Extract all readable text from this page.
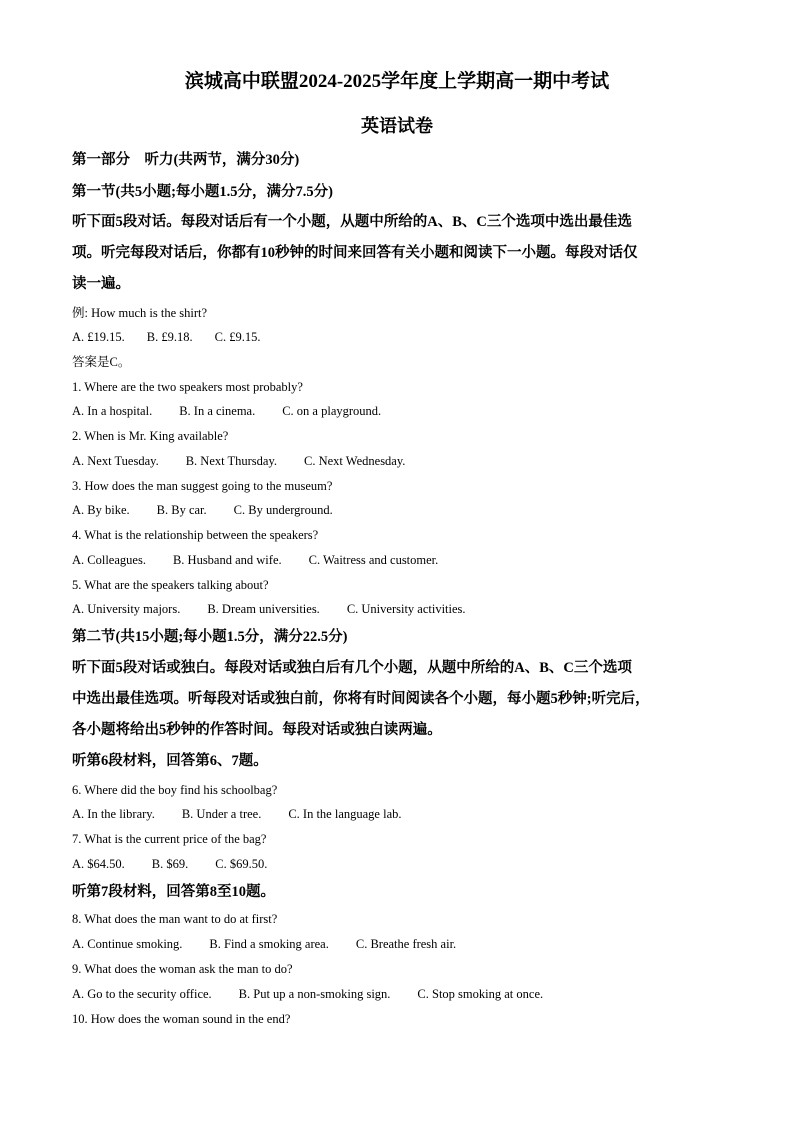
滨城高中联盟2024-2025学年度上学期高一期中考试
英语试卷
第一部分　听力(共两节，满分30分)
第一节(共5小题;每小题1.5分，满分7.5分)
听下面5段对话。每段对话后有一个小题，从题中所给的A、B、C三个选项中选出最佳选
项。听完每段对话后，你都有10秒钟的时间来回答有关小题和阅读下一小题。每段对话仅
读一遍。
例: How much is the shirt?
A. £19.15. B. £9.18. C. £9.15.
答案是C。
1. Where are the two speakers most probably?
A. In a hospital. B. In a cinema. C. on a playground.
2. When is Mr. King available?
A. Next Tuesday. B. Next Thursday. C. Next Wednesday.
3. How does the man suggest going to the museum?
A. By bike. B. By car. C. By underground.
4. What is the relationship between the speakers?
A. Colleagues. B. Husband and wife. C. Waitress and customer.
5. What are the speakers talking about?
A. University majors. B. Dream universities. C. University activities.
第二节(共15小题;每小题1.5分，满分22.5分)
听下面5段对话或独白。每段对话或独白后有几个小题，从题中所给的A、B、C三个选项
中选出最佳选项。听每段对话或独白前，你将有时间阅读各个小题，每小题5秒钟;听完后，
各小题将给出5秒钟的作答时间。每段对话或独白读两遍。
听第6段材料，回答第6、7题。
6. Where did the boy find his schoolbag?
A. In the library. B. Under a tree. C. In the language lab.
7. What is the current price of the bag?
A. $64.50. B. $69. C. $69.50.
听第7段材料，回答第8至10题。
8. What does the man want to do at first?
A. Continue smoking. B. Find a smoking area. C. Breathe fresh air.
9. What does the woman ask the man to do?
A. Go to the security office. B. Put up a non-smoking sign. C. Stop smoking at once.
10. How does the woman sound in the end?
